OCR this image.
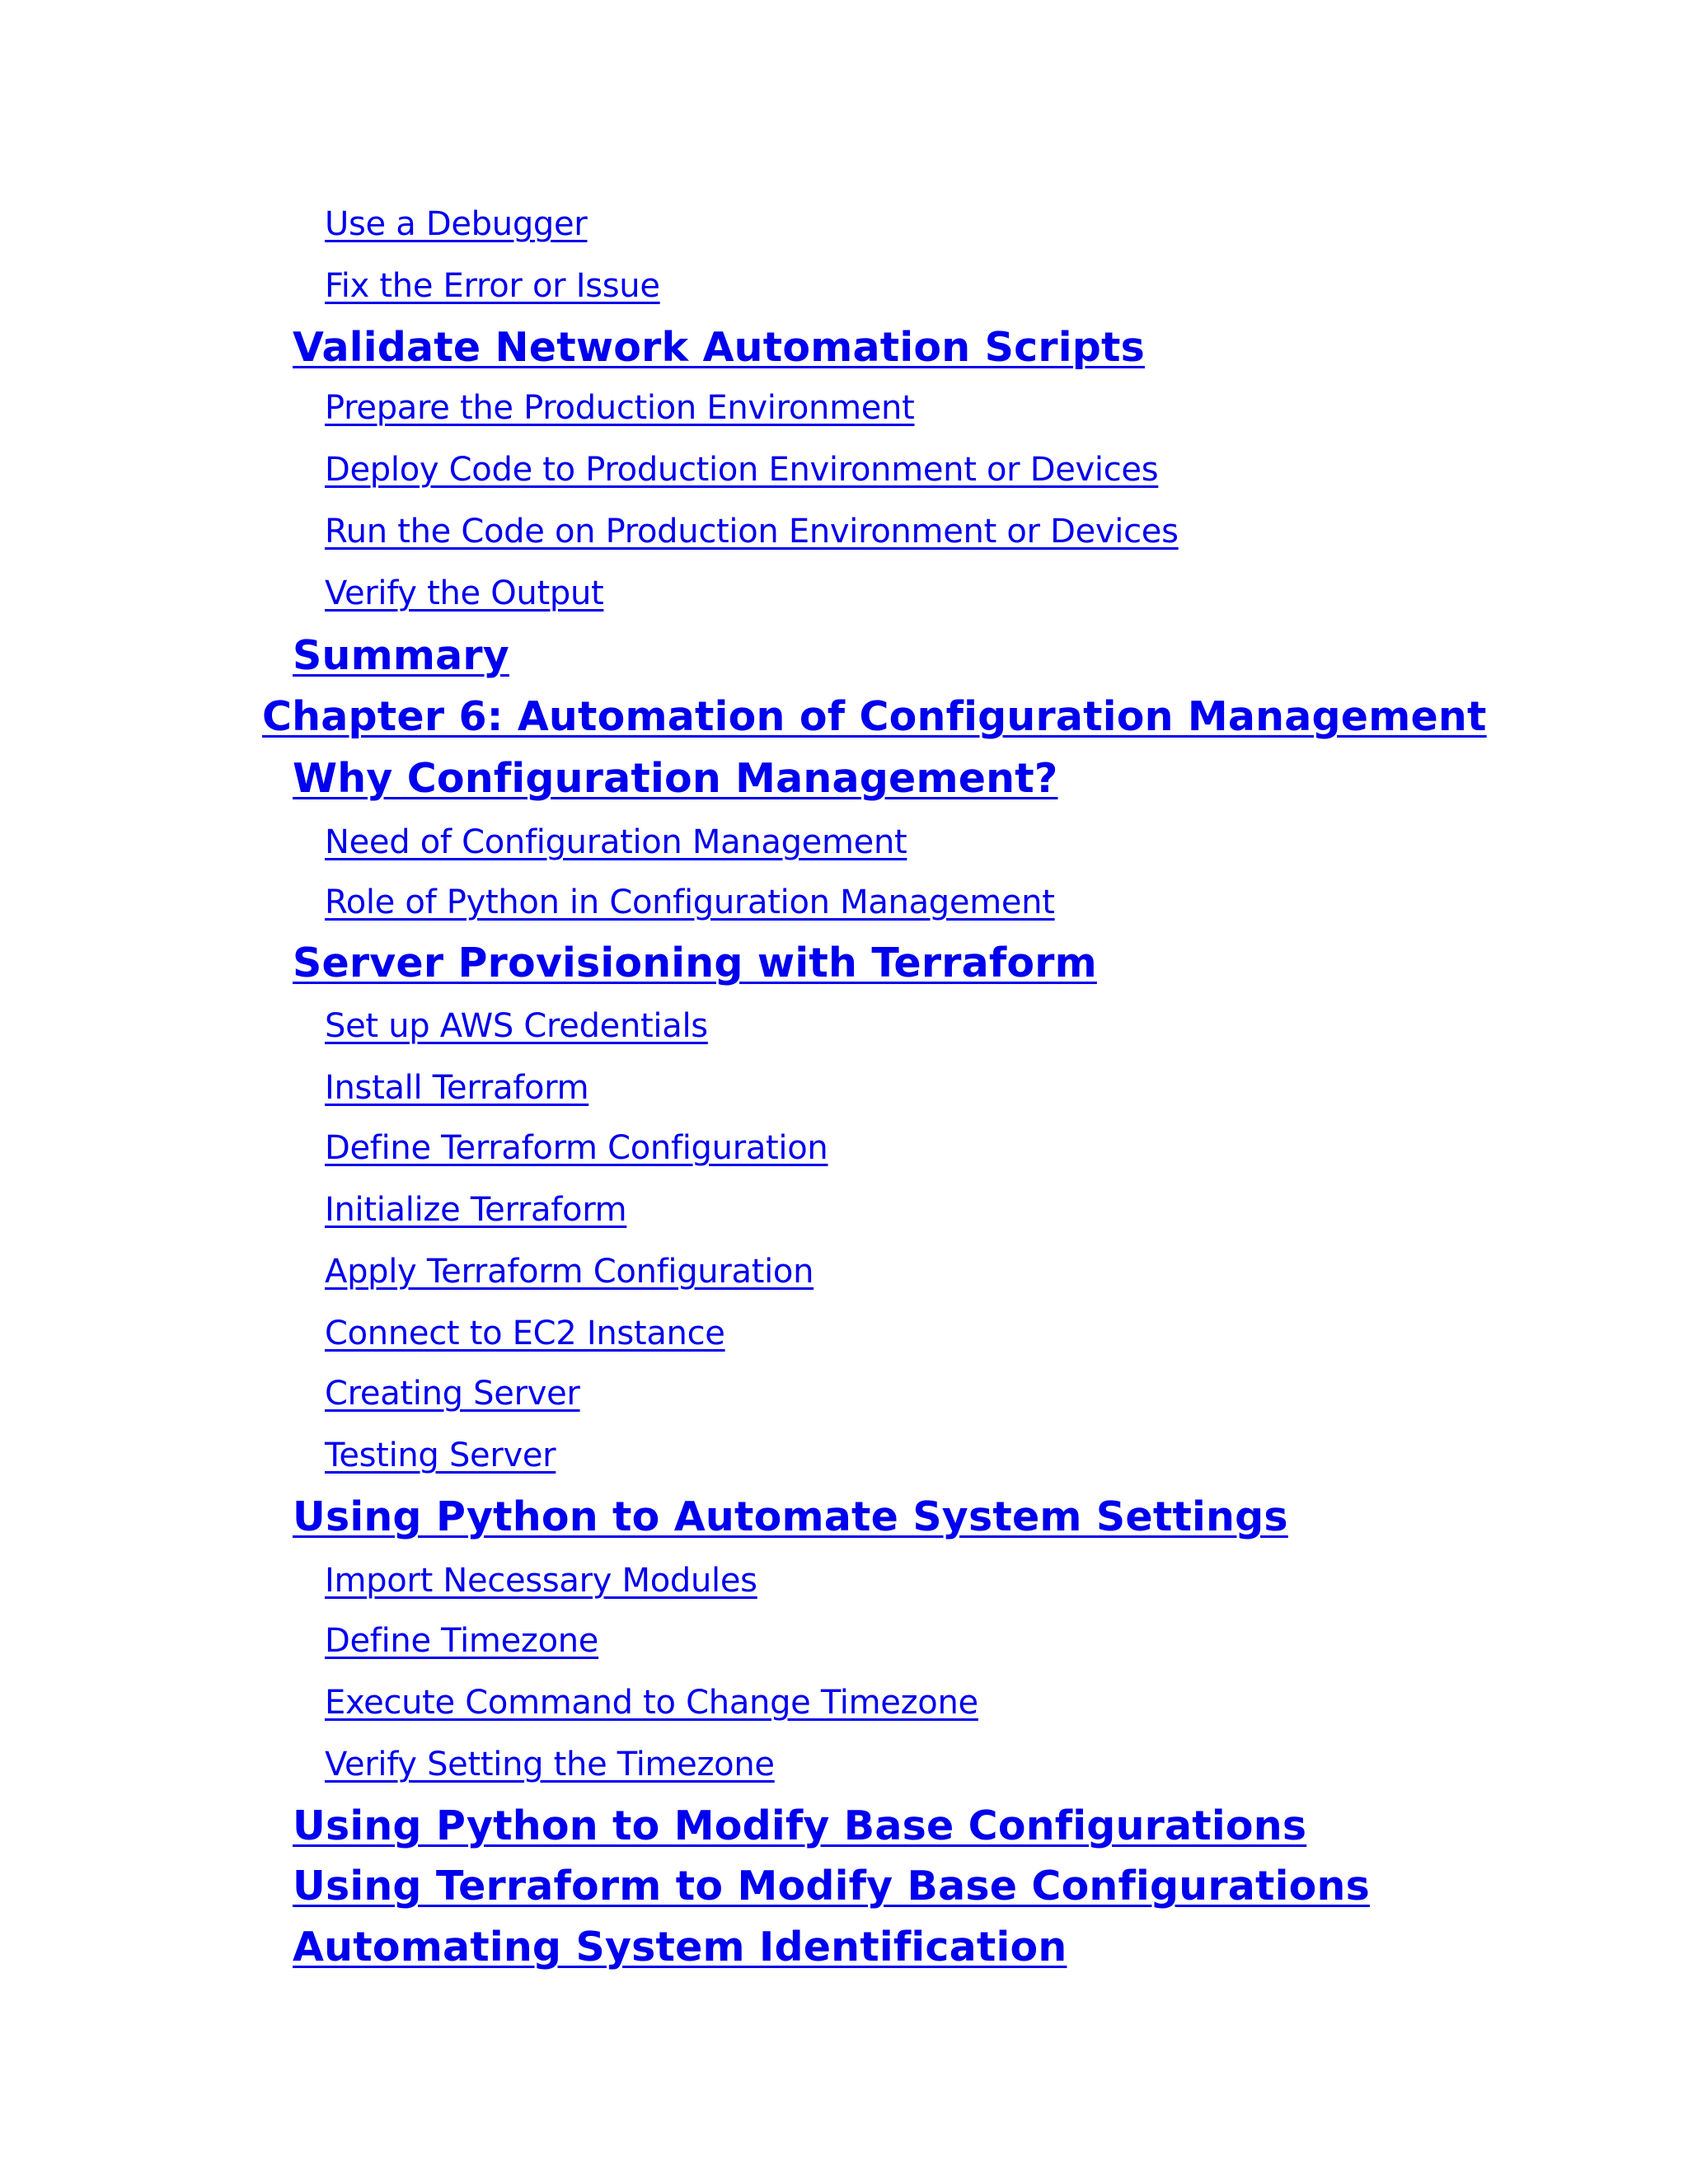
Use a Debugger
Fix the Error or Issue
Validate Network Automation Scripts
Prepare the Production Environment
Deploy Code to Production Environment or Devices
Run the Code on Production Environment or Devices
Verify the Output
Summary
Chapter 6: Automation of Configuration Management
Why Configuration Management?
Need of Configuration Management
Role of Python in Configuration Management
Server Provisioning with Terraform
Set up AWS Credentials
Install Terraform
Define Terraform Configuration
Initialize Terraform
Apply Terraform Configuration
Connect to EC2 Instance
Creating Server
Testing Server
Using Python to Automate System Settings
Import Necessary Modules
Define Timezone
Execute Command to Change Timezone
Verify Setting the Timezone
Using Python to Modify Base Configurations
Using Terraform to Modify Base Configurations
Automating System Identification
